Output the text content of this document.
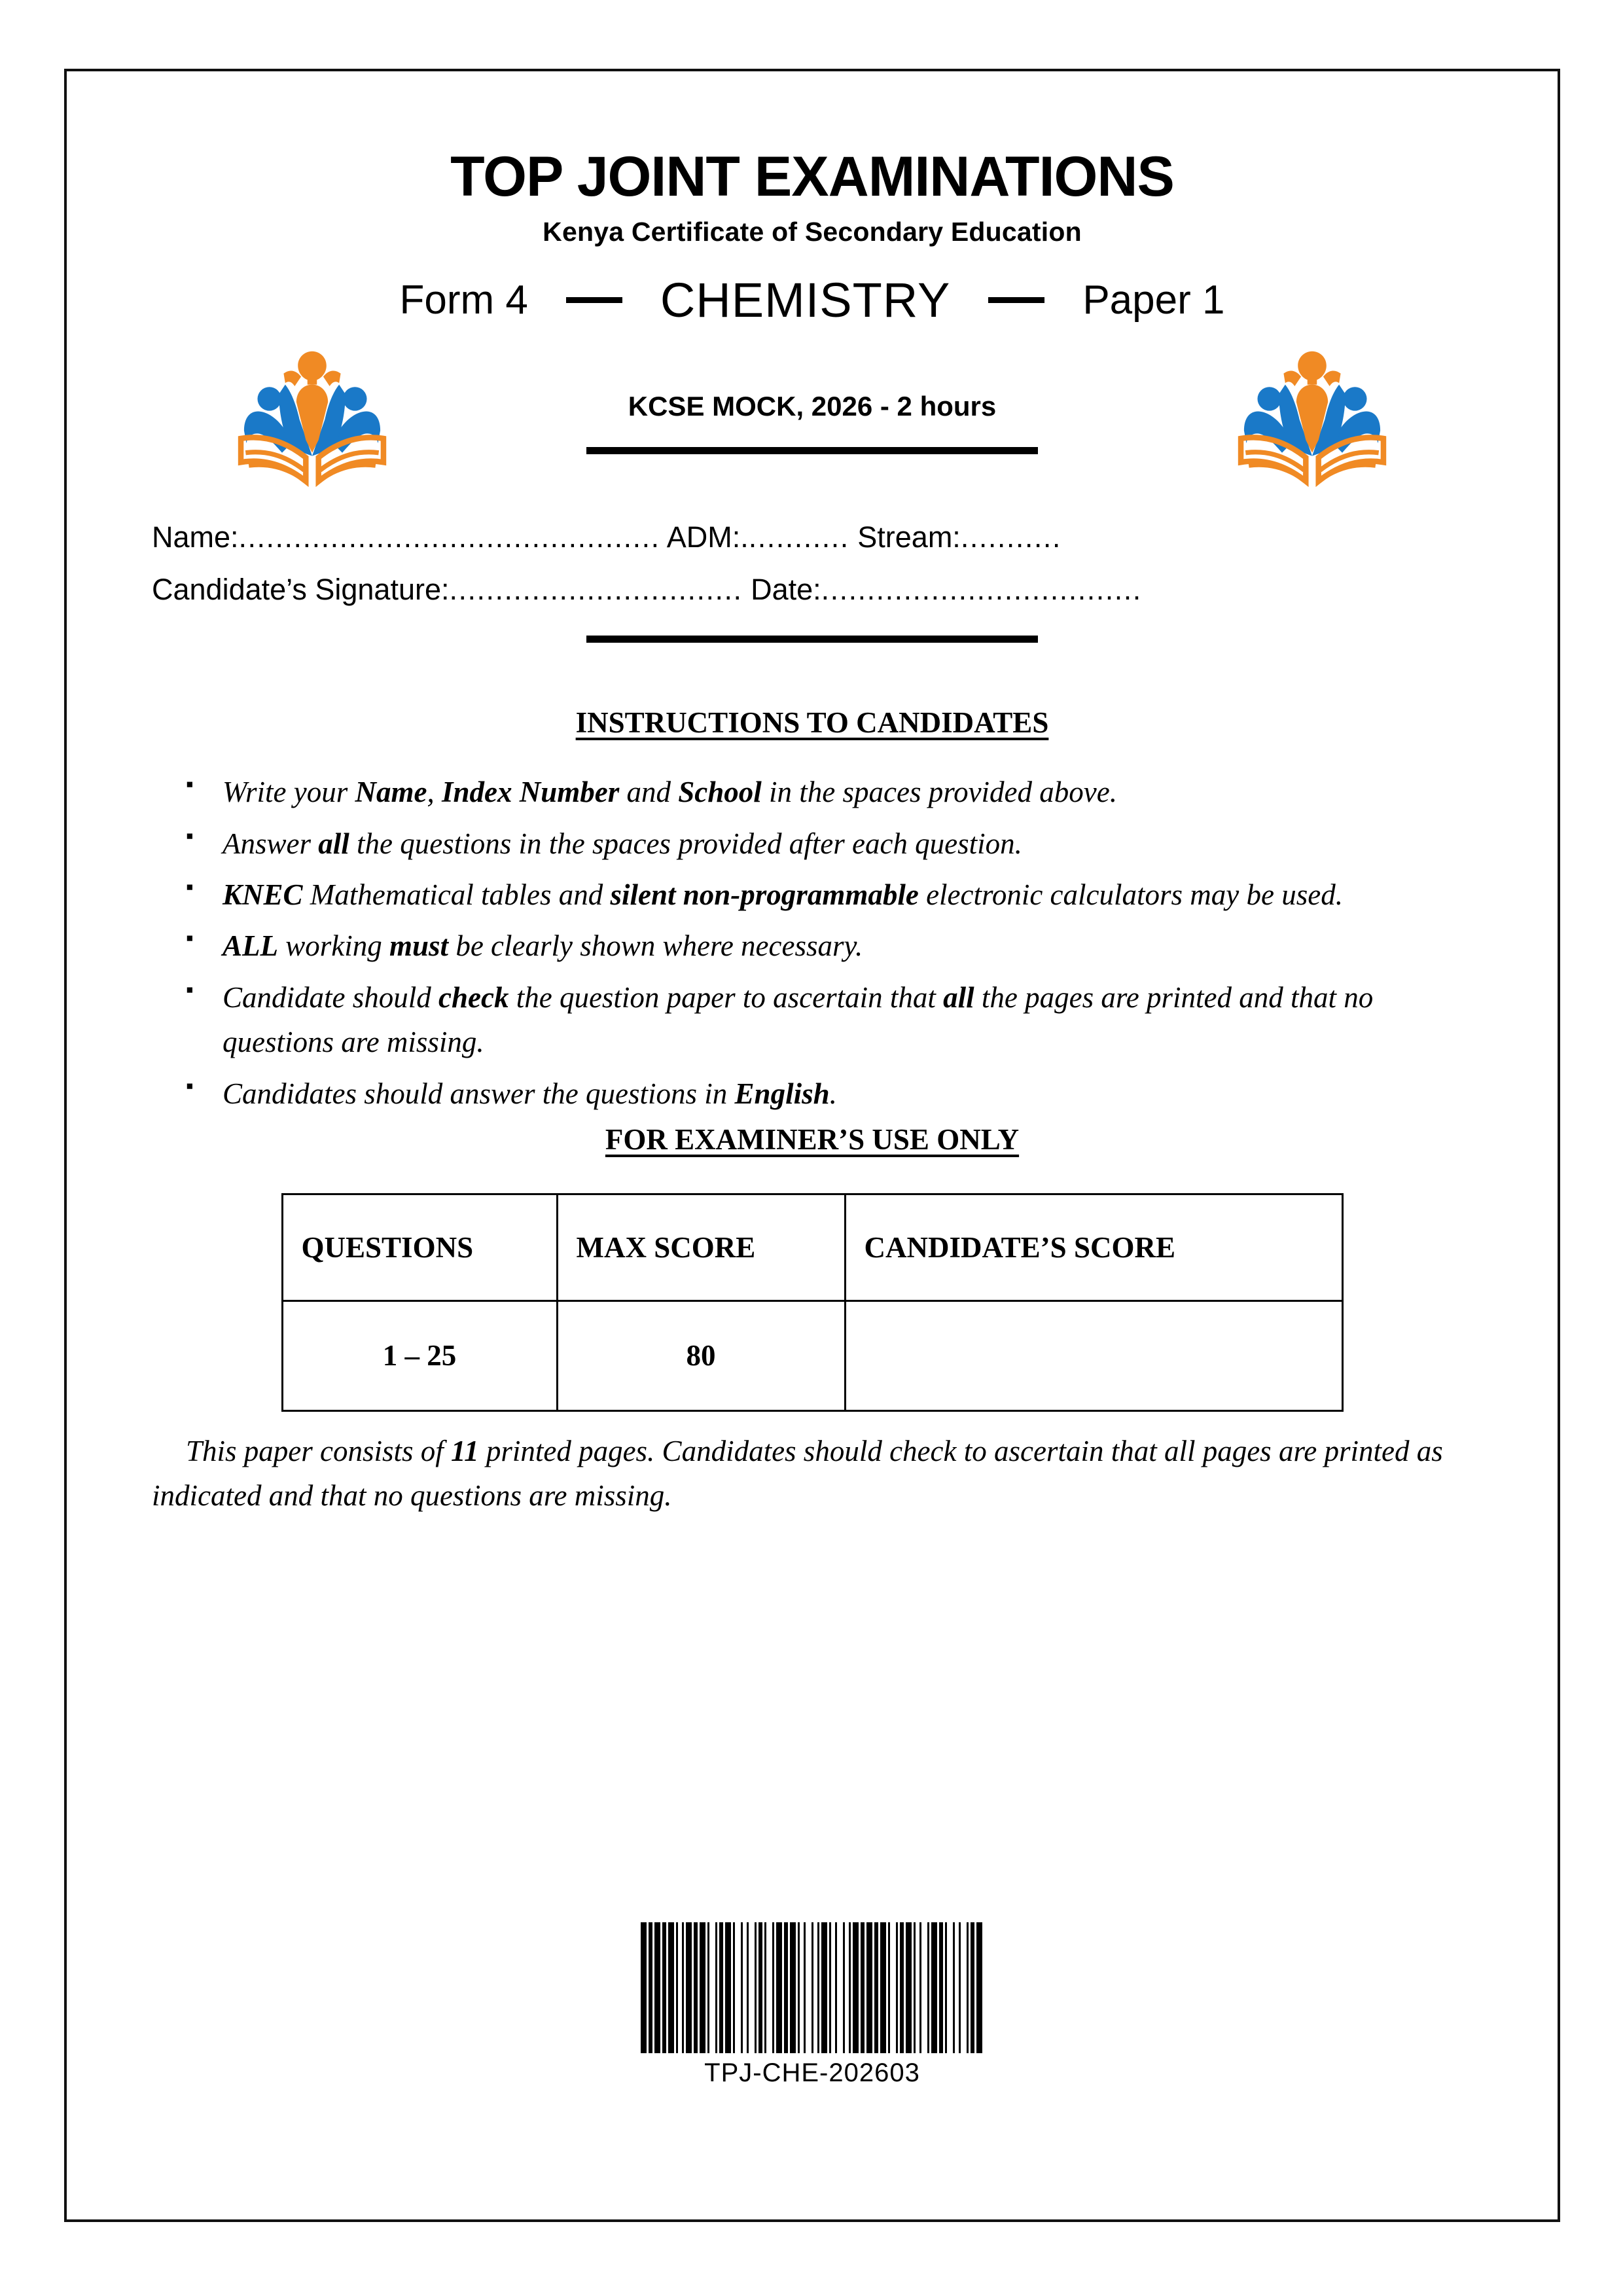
TOP JOINT EXAMINATIONS
Kenya Certificate of Secondary Education
Form 4	CHEMISTRY	Paper 1
KCSE MOCK, 2026 - 2 hours
Name:.............................................. ADM:............ Stream:...........
Candidate’s Signature:................................ Date:...................................
INSTRUCTIONS TO CANDIDATES
▪ Write your Name, Index Number and School in the spaces provided above.
▪ Answer all the questions in the spaces provided after each question.
▪ KNEC Mathematical tables and silent non-programmable electronic calculators may be used.
▪ ALL working must be clearly shown where necessary.
▪ Candidate should check the question paper to ascertain that all the pages are printed and that no questions are missing.
▪ Candidates should answer the questions in English.
FOR EXAMINER’S USE ONLY
QUESTIONS	MAX SCORE	CANDIDATE’S SCORE
1 – 25	80	

This paper consists of 11 printed pages. Candidates should check to ascertain that all pages are printed as indicated and that no questions are missing.

TPJ-CHE-202603
